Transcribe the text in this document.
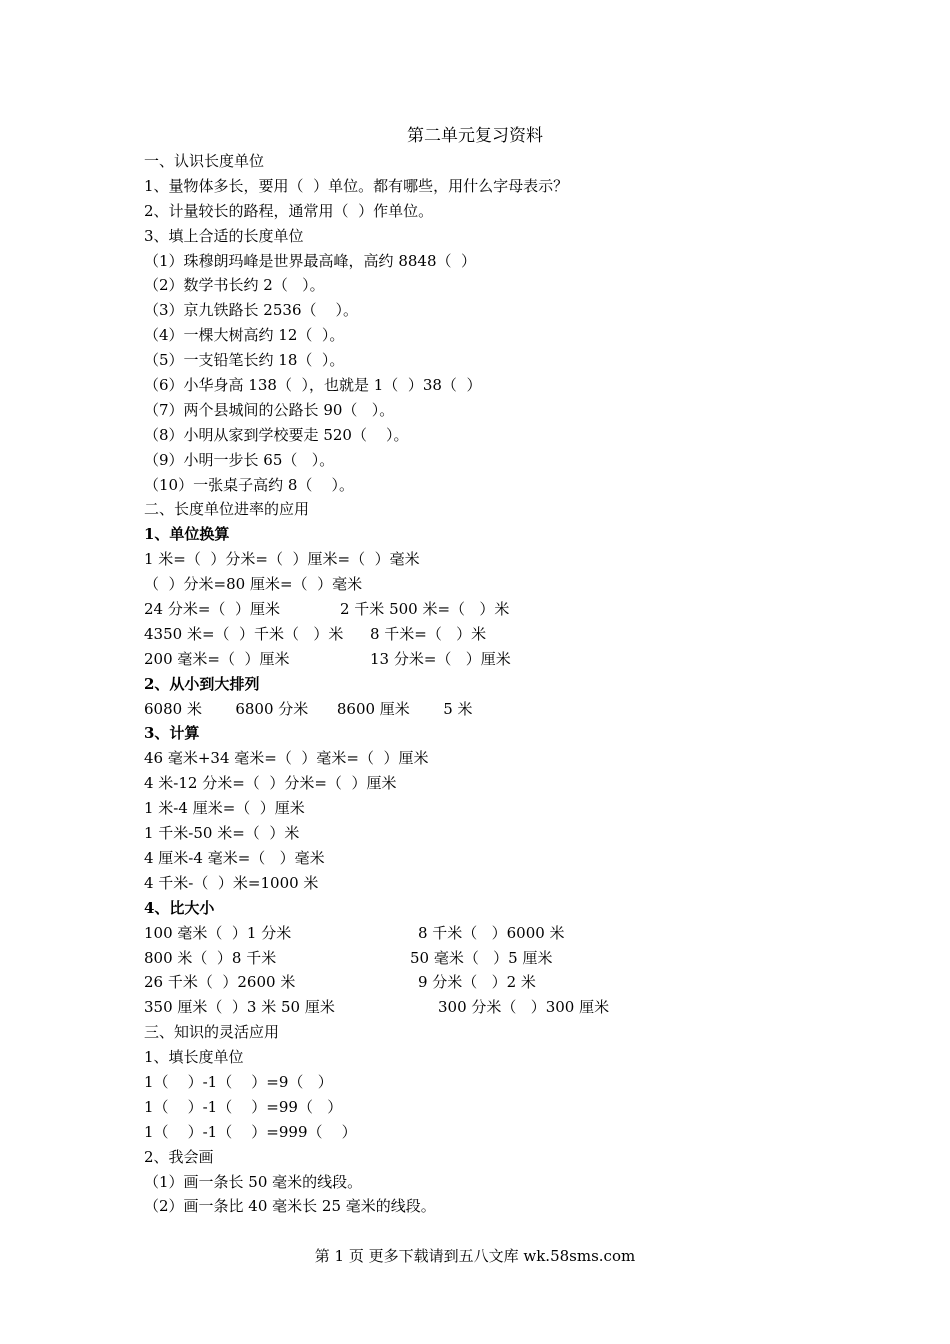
第二单元复习资料
一、认识长度单位
1、量物体多长，要用（  ）单位。都有哪些，用什么字母表示？
2、计量较长的路程，通常用（  ）作单位。
3、填上合适的长度单位
（1）珠穆朗玛峰是世界最高峰，高约 8848（  ）
（2）数学书长约 2（   ）。
（3）京九铁路长 2536（    ）。
（4）一棵大树高约 12（  ）。
（5）一支铅笔长约 18（  ）。
（6）小华身高 138（  ），也就是 1（  ）38（  ）
（7）两个县城间的公路长 90（   ）。
（8）小明从家到学校要走 520（    ）。
（9）小明一步长 65（   ）。
（10）一张桌子高约 8（    ）。
二、长度单位进率的应用
1、单位换算
1 米=（  ）分米=（  ）厘米=（  ）毫米
（  ）分米=80 厘米=（  ）毫米
24 分米=（  ）厘米	2 千米 500 米=（   ）米
4350 米=（  ）千米（   ）米 8 千米=（   ）米
200 毫米=（  ）厘米	13 分米=（   ）厘米
2、从小到大排列
6080 米       6800 分米      8600 厘米       5 米
3、计算
46 毫米+34 毫米=（  ）毫米=（  ）厘米
4 米-12 分米=（  ）分米=（  ）厘米
1 米-4 厘米=（  ）厘米
1 千米-50 米=（  ）米
4 厘米-4 毫米=（   ）毫米
4 千米-（  ）米=1000 米
4、比大小
100 毫米（  ）1 分米	8 千米（   ）6000 米
800 米（  ）8 千米	50 毫米（   ）5 厘米
26 千米（  ）2600 米	9 分米（   ）2 米
350 厘米（  ）3 米 50 厘米	300 分米（   ）300 厘米
三、知识的灵活应用
1、填长度单位
1（    ）-1（    ）=9（   ）
1（    ）-1（    ）=99（   ）
1（    ）-1（    ）=999（    ）
2、我会画
（1）画一条长 50 毫米的线段。
（2）画一条比 40 毫米长 25 毫米的线段。
第 1 页 更多下载请到五八文库 wk.58sms.com
